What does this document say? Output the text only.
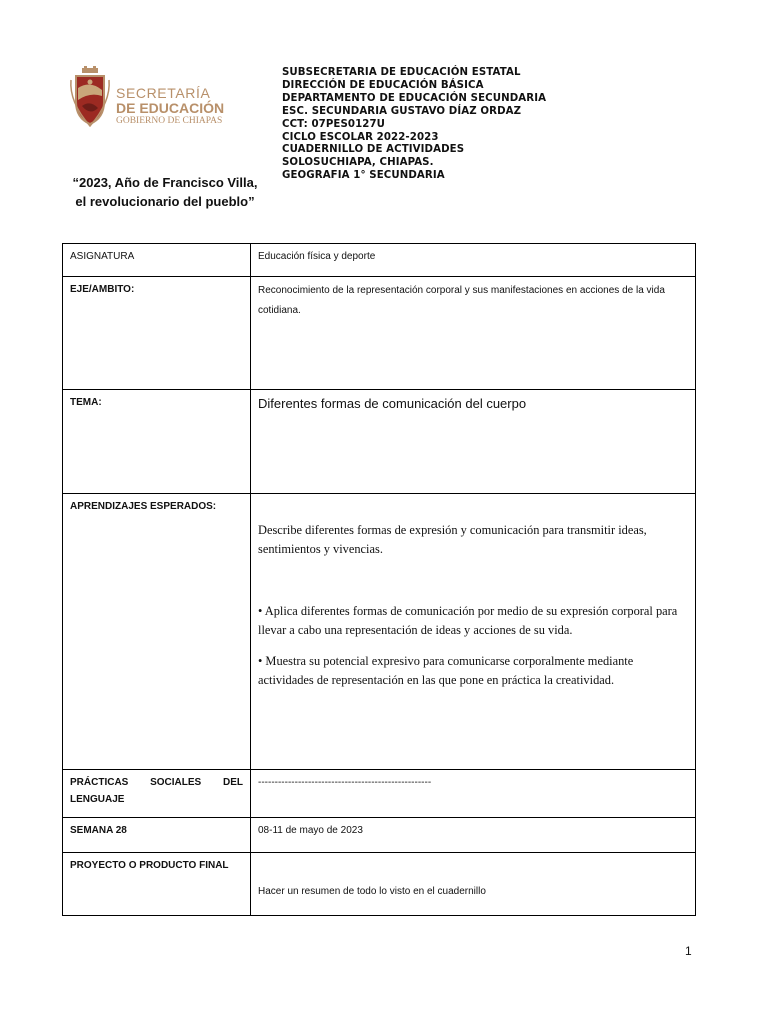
SECRETARÍA
DE EDUCACIÓN
GOBIERNO DE CHIAPAS
“2023, Año de Francisco Villa, el revolucionario del pueblo”
SUBSECRETARIA DE EDUCACIÓN ESTATAL
DIRECCIÓN DE EDUCACIÓN BÁSICA
DEPARTAMENTO DE EDUCACIÓN SECUNDARIA
ESC. SECUNDARIA GUSTAVO DÍAZ ORDAZ
CCT: 07PES0127U
CICLO ESCOLAR 2022-2023
CUADERNILLO DE ACTIVIDADES
SOLOSUCHIAPA, CHIAPAS.
GEOGRAFIA 1° SECUNDARIA
ASIGNATURA	Educación física y deporte

EJE/AMBITO:	Reconocimiento de la representación corporal y sus manifestaciones en acciones de la vida cotidiana.

TEMA:	Diferentes formas de comunicación del cuerpo

APRENDIZAJES ESPERADOS:	Describe diferentes formas de expresión y comunicación para transmitir ideas, sentimientos y vivencias.
• Aplica diferentes formas de comunicación por medio de su expresión corporal para llevar a cabo una representación de ideas y acciones de su vida.
• Muestra su potencial expresivo para comunicarse corporalmente mediante actividades de representación en las que pone en práctica la creatividad.

PRÁCTICAS SOCIALES DEL
LENGUAJE	----------------------------------------------------

SEMANA 28	08-11 de mayo de 2023

PROYECTO O PRODUCTO FINAL	Hacer un resumen de todo lo visto en el cuadernillo
1
